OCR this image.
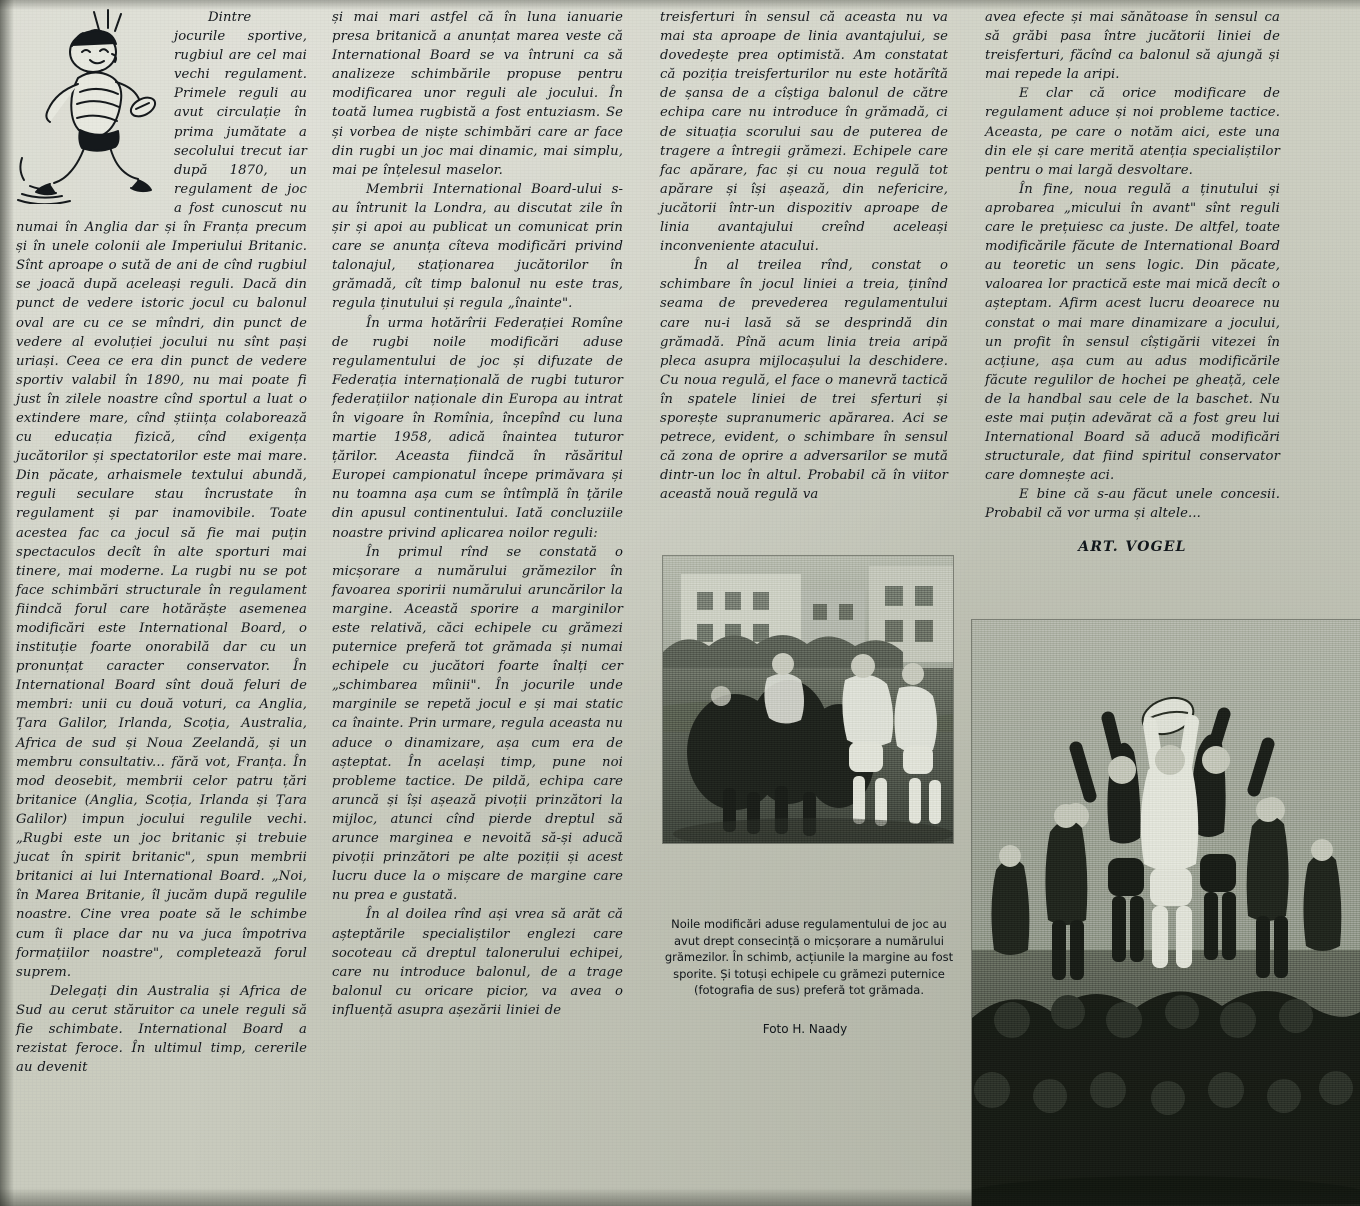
Dintre jocurile sportive, rugbiul are cel mai vechi regulament. Primele reguli au avut circulație în prima jumătate a secolului trecut iar după 1870, un regulament de joc a fost cunoscut nu numai în Anglia dar și în Franța precum și în unele colonii ale Imperiului Britanic. Sînt aproape o sută de ani de cînd rugbiul se joacă după aceleași reguli. Dacă din punct de vedere istoric jocul cu balonul oval are cu ce se mîndri, din punct de vedere al evoluției jocului nu sînt pași uriași. Ceea ce era din punct de vedere sportiv valabil în 1890, nu mai poate fi just în zilele noastre cînd sportul a luat o extindere mare, cînd știința colaborează cu educația fizică, cînd exigența jucătorilor și spectatorilor este mai mare. Din păcate, arhaismele textului abundă, reguli seculare stau încrustate în regulament și par inamovibile. Toate acestea fac ca jocul să fie mai puțin spectaculos decît în alte sporturi mai tinere, mai moderne. La rugbi nu se pot face schimbări structurale în regulament fiindcă forul care hotărăște asemenea modificări este International Board, o instituție foarte onorabilă dar cu un pronunțat caracter conservator. În International Board sînt două feluri de membri: unii cu două voturi, ca Anglia, Țara Galilor, Irlanda, Scoția, Australia, Africa de sud și Noua Zeelandă, și un membru consultativ... fără vot, Franța. În mod deosebit, membrii celor patru țări britanice (Anglia, Scoția, Irlanda și Țara Galilor) impun jocului regulile vechi. „Rugbi este un joc britanic și trebuie jucat în spirit britanic", spun membrii britanici ai lui International Board. „Noi, în Marea Britanie, îl jucăm după regulile noastre. Cine vrea poate să le schimbe cum îi place dar nu va juca împotriva formațiilor noastre", completează forul suprem.

Delegați din Australia și Africa de Sud au cerut stăruitor ca unele reguli să fie schimbate. International Board a rezistat feroce. În ultimul timp, cererile au devenit

și mai mari astfel că în luna ianuarie presa britanică a anunțat marea veste că International Board se va întruni ca să analizeze schimbările propuse pentru modificarea unor reguli ale jocului. În toată lumea rugbistă a fost entuziasm. Se și vorbea de niște schimbări care ar face din rugbi un joc mai dinamic, mai simplu, mai pe înțelesul maselor.

Membrii International Board-ului s-au întrunit la Londra, au discutat zile în șir și apoi au publicat un comunicat prin care se anunța cîteva modificări privind talonajul, staționarea jucătorilor în grămadă, cît timp balonul nu este tras, regula ținutului și regula „înainte".

În urma hotărîrii Federației Romîne de rugbi noile modificări aduse regulamentului de joc și difuzate de Federația internațională de rugbi tuturor federațiilor naționale din Europa au intrat în vigoare în Romînia, începînd cu luna martie 1958, adică înaintea tuturor țărilor. Aceasta fiindcă în răsăritul Europei campionatul începe primăvara și nu toamna așa cum se întîmplă în țările din apusul continentului. Iată concluziile noastre privind aplicarea noilor reguli:

În primul rînd se constată o micșorare a numărului grămezilor în favoarea sporirii numărului aruncărilor la margine. Această sporire a marginilor este relativă, căci echipele cu grămezi puternice preferă tot grămada și numai echipele cu jucători foarte înalți cer „schimbarea mîinii". În jocurile unde marginile se repetă jocul e și mai static ca înainte. Prin urmare, regula aceasta nu aduce o dinamizare, așa cum era de așteptat. În același timp, pune noi probleme tactice. De pildă, echipa care aruncă și își așează pivoții prinzători la mijloc, atunci cînd pierde dreptul să arunce marginea e nevoită să-și aducă pivoții prinzători pe alte poziții și acest lucru duce la o mișcare de margine care nu prea e gustată.

În al doilea rînd ași vrea să arăt că așteptările specialiștilor englezi care socoteau că dreptul talonerului echipei, care nu introduce balonul, de a trage balonul cu oricare picior, va avea o influență asupra așezării liniei de

treisferturi în sensul că aceasta nu va mai sta aproape de linia avantajului, se dovedește prea optimistă. Am constatat că poziția treisferturilor nu este hotărîtă de șansa de a cîștiga balonul de către echipa care nu introduce în grămadă, ci de situația scorului sau de puterea de tragere a întregii grămezi. Echipele care fac apărare, fac și cu noua regulă tot apărare și își așează, din nefericire, jucătorii într-un dispozitiv aproape de linia avantajului creînd aceleași inconveniente atacului.

În al treilea rînd, constat o schimbare în jocul liniei a treia, ținînd seama de prevederea regulamentului care nu-i lasă să se desprindă din grămadă. Pînă acum linia treia aripă pleca asupra mijlocașului la deschidere. Cu noua regulă, el face o manevră tactică în spatele liniei de trei sferturi și sporește supranumeric apărarea. Aci se petrece, evident, o schimbare în sensul că zona de oprire a adversarilor se mută dintr-un loc în altul. Probabil că în viitor această nouă regulă va

avea efecte și mai sănătoase în sensul ca să grăbi pasa între jucătorii liniei de treisferturi, făcînd ca balonul să ajungă și mai repede la aripi.

E clar că orice modificare de regulament aduce și noi probleme tactice. Aceasta, pe care o notăm aici, este una din ele și care merită atenția specialiștilor pentru o mai largă desvoltare.

În fine, noua regulă a ținutului și aprobarea „micului în avant" sînt reguli care le prețuiesc ca juste. De altfel, toate modificările făcute de International Board au teoretic un sens logic. Din păcate, valoarea lor practică este mai mică decît o așteptam. Afirm acest lucru deoarece nu constat o mai mare dinamizare a jocului, un profit în sensul cîștigării vitezei în acțiune, așa cum au adus modificările făcute regulilor de hochei pe gheață, cele de la handbal sau cele de la baschet. Nu este mai puțin adevărat că a fost greu lui International Board să aducă modificări structurale, dat fiind spiritul conservator care domnește aci.

E bine că s-au făcut unele concesii. Probabil că vor urma și altele...

ART. VOGEL
Noile modificări aduse regulamentului de joc au avut drept consecință o micșorare a numărului grămezilor. În schimb, acțiunile la margine au fost sporite. Și totuși echipele cu grămezi puternice (fotografia de sus) preferă tot grămada.
Foto H. Naady
